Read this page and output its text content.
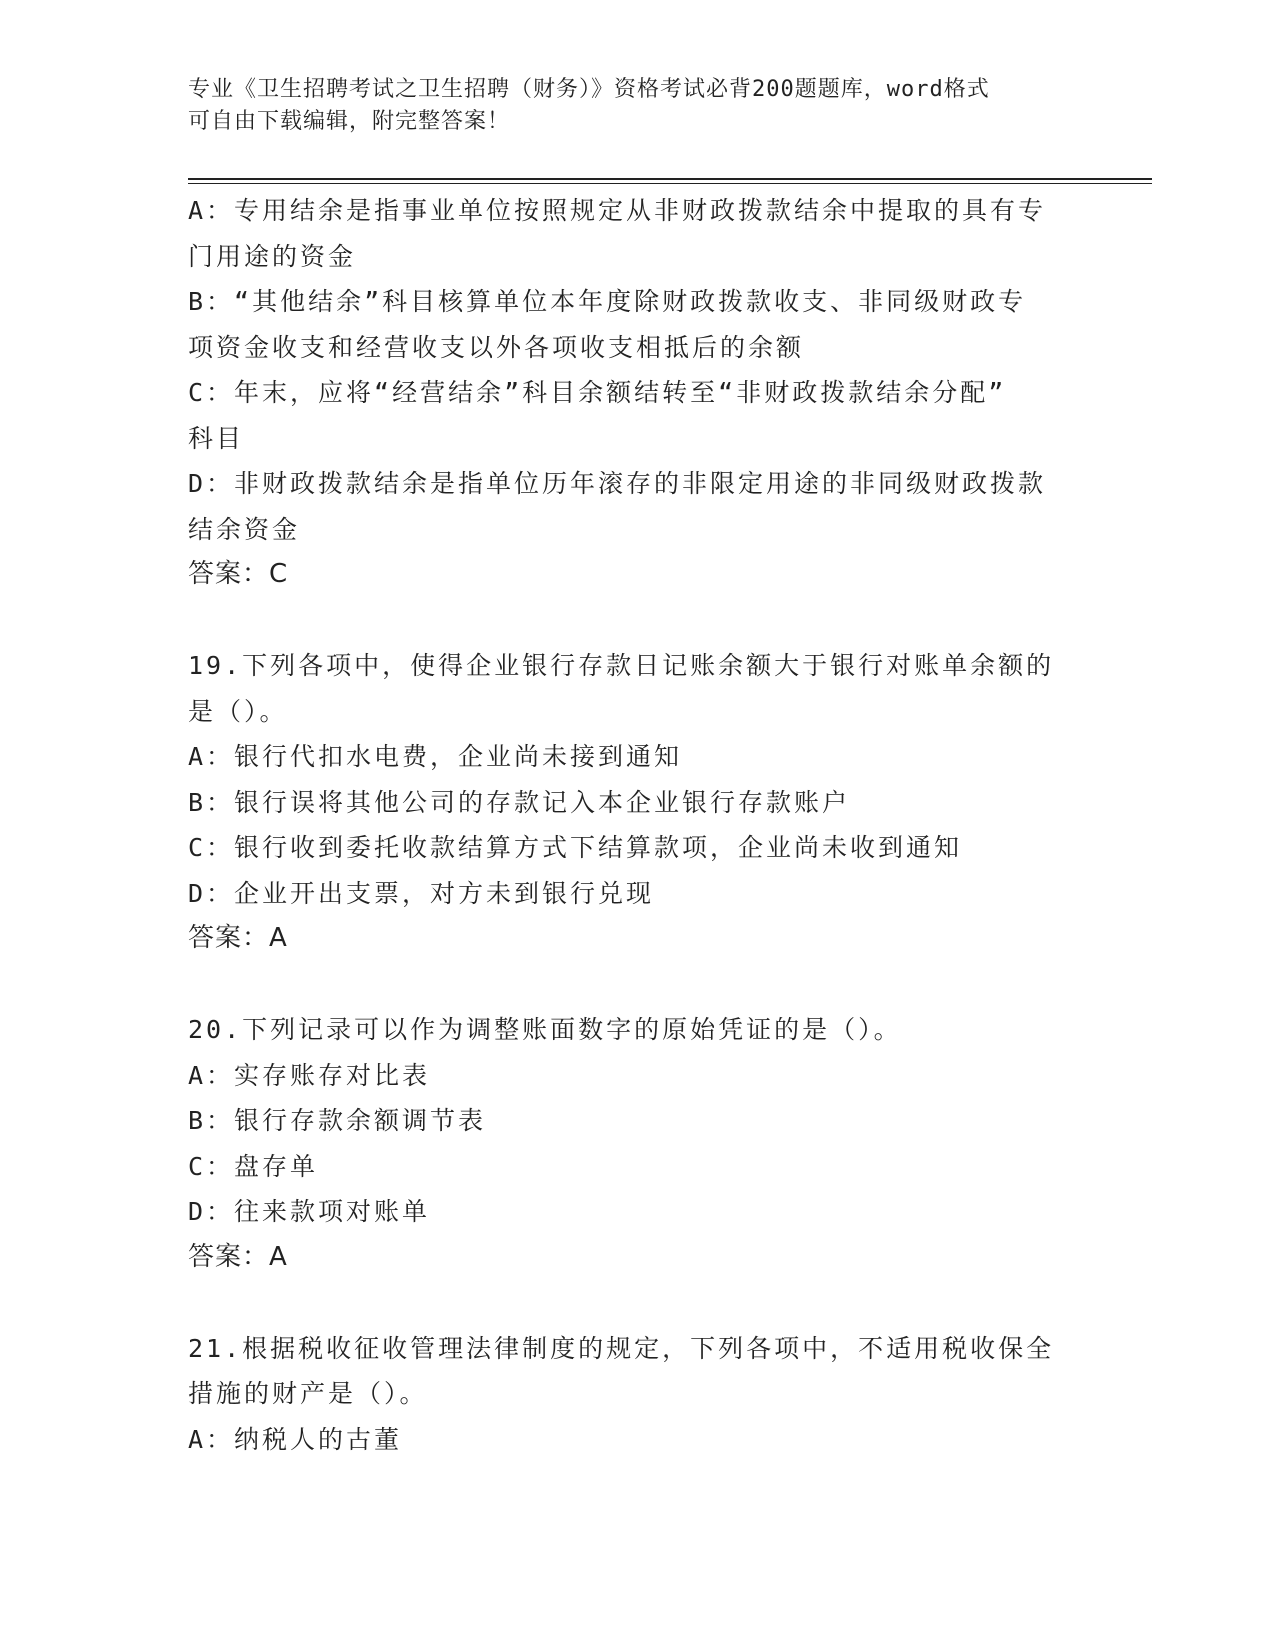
专业《卫生招聘考试之卫生招聘（财务）》资格考试必背200题题库，word格式
可自由下载编辑，附完整答案！
A：专用结余是指事业单位按照规定从非财政拨款结余中提取的具有专
门用途的资金
B：“其他结余”科目核算单位本年度除财政拨款收支、非同级财政专
项资金收支和经营收支以外各项收支相抵后的余额
C：年末，应将“经营结余”科目余额结转至“非财政拨款结余分配”
科目
D：非财政拨款结余是指单位历年滚存的非限定用途的非同级财政拨款
结余资金
答案：C
19.下列各项中，使得企业银行存款日记账余额大于银行对账单余额的
是（）。
A：银行代扣水电费，企业尚未接到通知
B：银行误将其他公司的存款记入本企业银行存款账户
C：银行收到委托收款结算方式下结算款项，企业尚未收到通知
D：企业开出支票，对方未到银行兑现
答案：A
20.下列记录可以作为调整账面数字的原始凭证的是（）。
A：实存账存对比表
B：银行存款余额调节表
C：盘存单
D：往来款项对账单
答案：A
21.根据税收征收管理法律制度的规定，下列各项中，不适用税收保全
措施的财产是（）。
A：纳税人的古董
